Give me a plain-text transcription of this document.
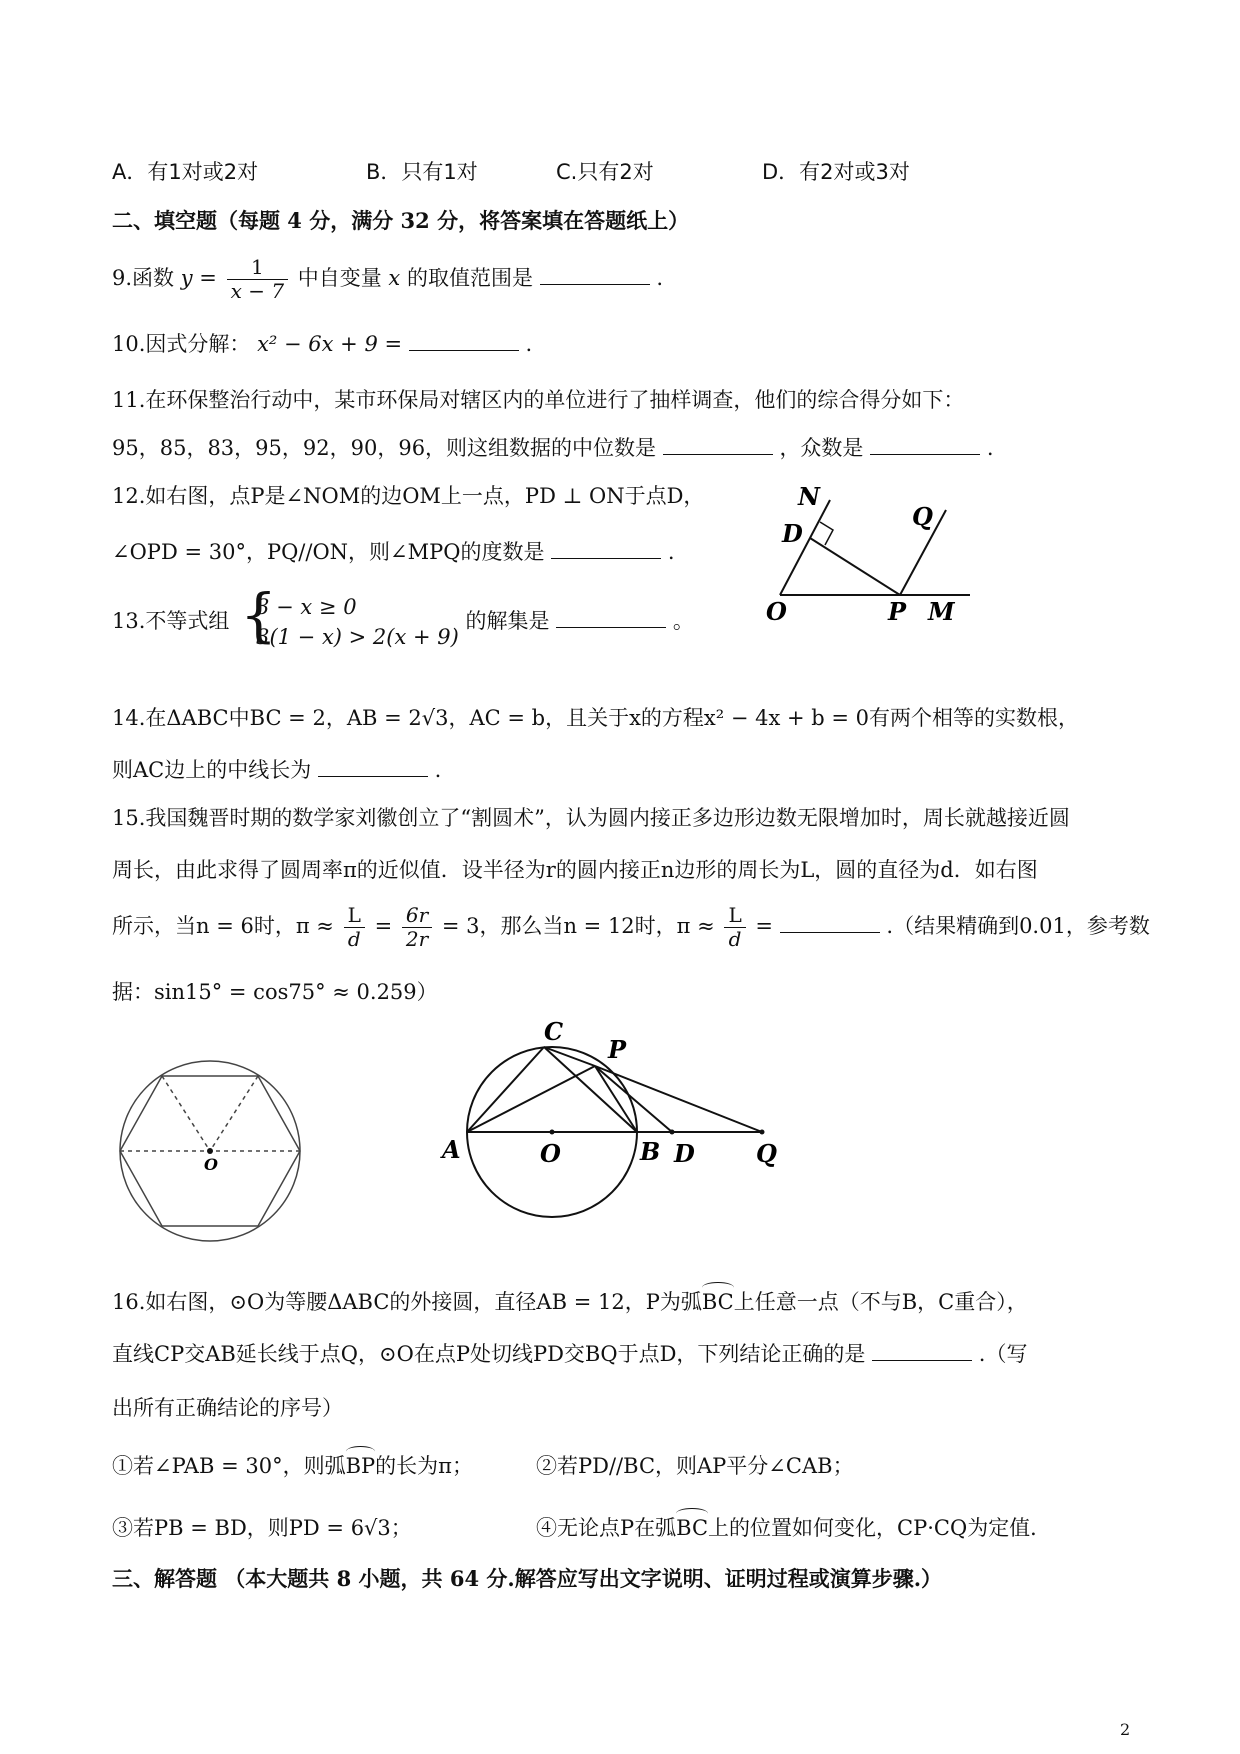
A．有1对或2对	B．只有1对	C.只有2对	D．有2对或3对
二、填空题（每题 4 分，满分 32 分，将答案填在答题纸上）
9.函数 $y = \frac{1}{x - 7}$ 中自变量 x 的取值范围是	.
10.因式分解： x² − 6x + 9 =	.
11.在环保整治行动中，某市环保局对辖区内的单位进行了抽样调查，他们的综合得分如下：
95，85，83，95，92，90，96，则这组数据的中位数是	，众数是	.
12.如右图，点P是∠NOM的边OM上一点，PD ⊥ ON于点D，
∠OPD = 30°，PQ//ON，则∠MPQ的度数是	.
N
D
Q
O	P M
13.不等式组 {
3 − x ≥ 0
3(1 − x) > 2(x + 9)
的解集是	。
14.在ΔABC中BC = 2，AB = 2√3，AC = b，且关于x的方程x² − 4x + b = 0有两个相等的实数根，
则AC边上的中线长为	.
15.我国魏晋时期的数学家刘徽创立了“割圆术”，认为圆内接正多边形边数无限增加时，周长就越接近圆
周长，由此求得了圆周率π的近似值．设半径为r的圆内接正n边形的周长为L，圆的直径为d．如右图
所示，当n = 6时，$\pi \approx \frac{L}{d} = \frac{6r}{2r} = 3$，那么当n = 12时，$\pi \approx \frac{L}{d}$ =	.（结果精确到0.01，参考数
据：sin15° = cos75° ≈ 0.259）
O
C
P
A	O	B D	Q
16.如右图，⊙O为等腰ΔABC的外接圆，直径AB = 12，P为弧BC上任意一点（不与B，C重合），
直线CP交AB延长线于点Q，⊙O在点P处切线PD交BQ于点D，下列结论正确的是	.（写
出所有正确结论的序号）
①若∠PAB = 30°，则弧BP的长为π；	②若PD//BC，则AP平分∠CAB；
③若PB = BD，则PD = 6√3；	④无论点P在弧BC上的位置如何变化，CP·CQ为定值．
三、解答题 （本大题共 8 小题，共 64 分.解答应写出文字说明、证明过程或演算步骤.）
2
